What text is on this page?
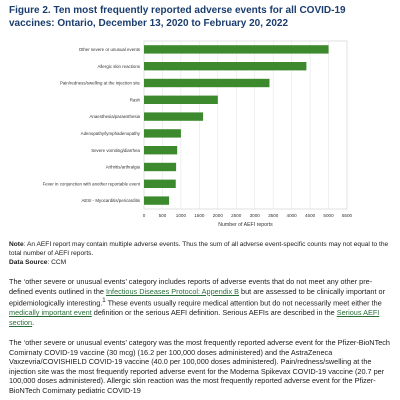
Figure 2. Ten most frequently reported adverse events for all COVID-19 vaccines: Ontario, December 13, 2020 to February 20, 2022
0	500 1000 1500 2000 2500 3000 3500 4000 4500 5000 5500
Other severe or unusual events
Allergic skin reactions
Pain/redness/swelling at the injection site
Rash
Anaesthesia/paraesthesia
Adenopathy/lymphadenopathy
Severe vomiting/diarrhea
Arthritis/arthralgia
Fever in conjunction with another reportable event
AESI - Myocarditis/pericarditis
Number of AEFI reports
Note: An AEFI report may contain multiple adverse events. Thus the sum of all adverse event-specific counts may not equal to the total number of AEFI reports.
Data Source: CCM
The ‘other severe or unusual events’ category includes reports of adverse events that do not meet any other pre-defined events outlined in the Infectious Diseases Protocol: Appendix B but are assessed to be clinically important or epidemiologically interesting.$^1$ These events usually require medical attention but do not necessarily meet either the medically important event definition or the serious AEFI definition. Serious AEFIs are described in the Serious AEFI section.
The ‘other severe or unusual events’ category was the most frequently reported adverse event for the Pfizer-BioNTech Comirnaty COVID-19 vaccine (30 mcg) (16.2 per 100,000 doses administered) and the AstraZeneca Vaxzevria/COVISHIELD COVID-19 vaccine (40.0 per 100,000 doses administered). Pain/redness/swelling at the injection site was the most frequently reported adverse event for the Moderna Spikevax COVID-19 vaccine (20.7 per 100,000 doses administered). Allergic skin reaction was the most frequently reported adverse event for the Pfizer-BioNTech Comirnaty pediatric COVID-19
